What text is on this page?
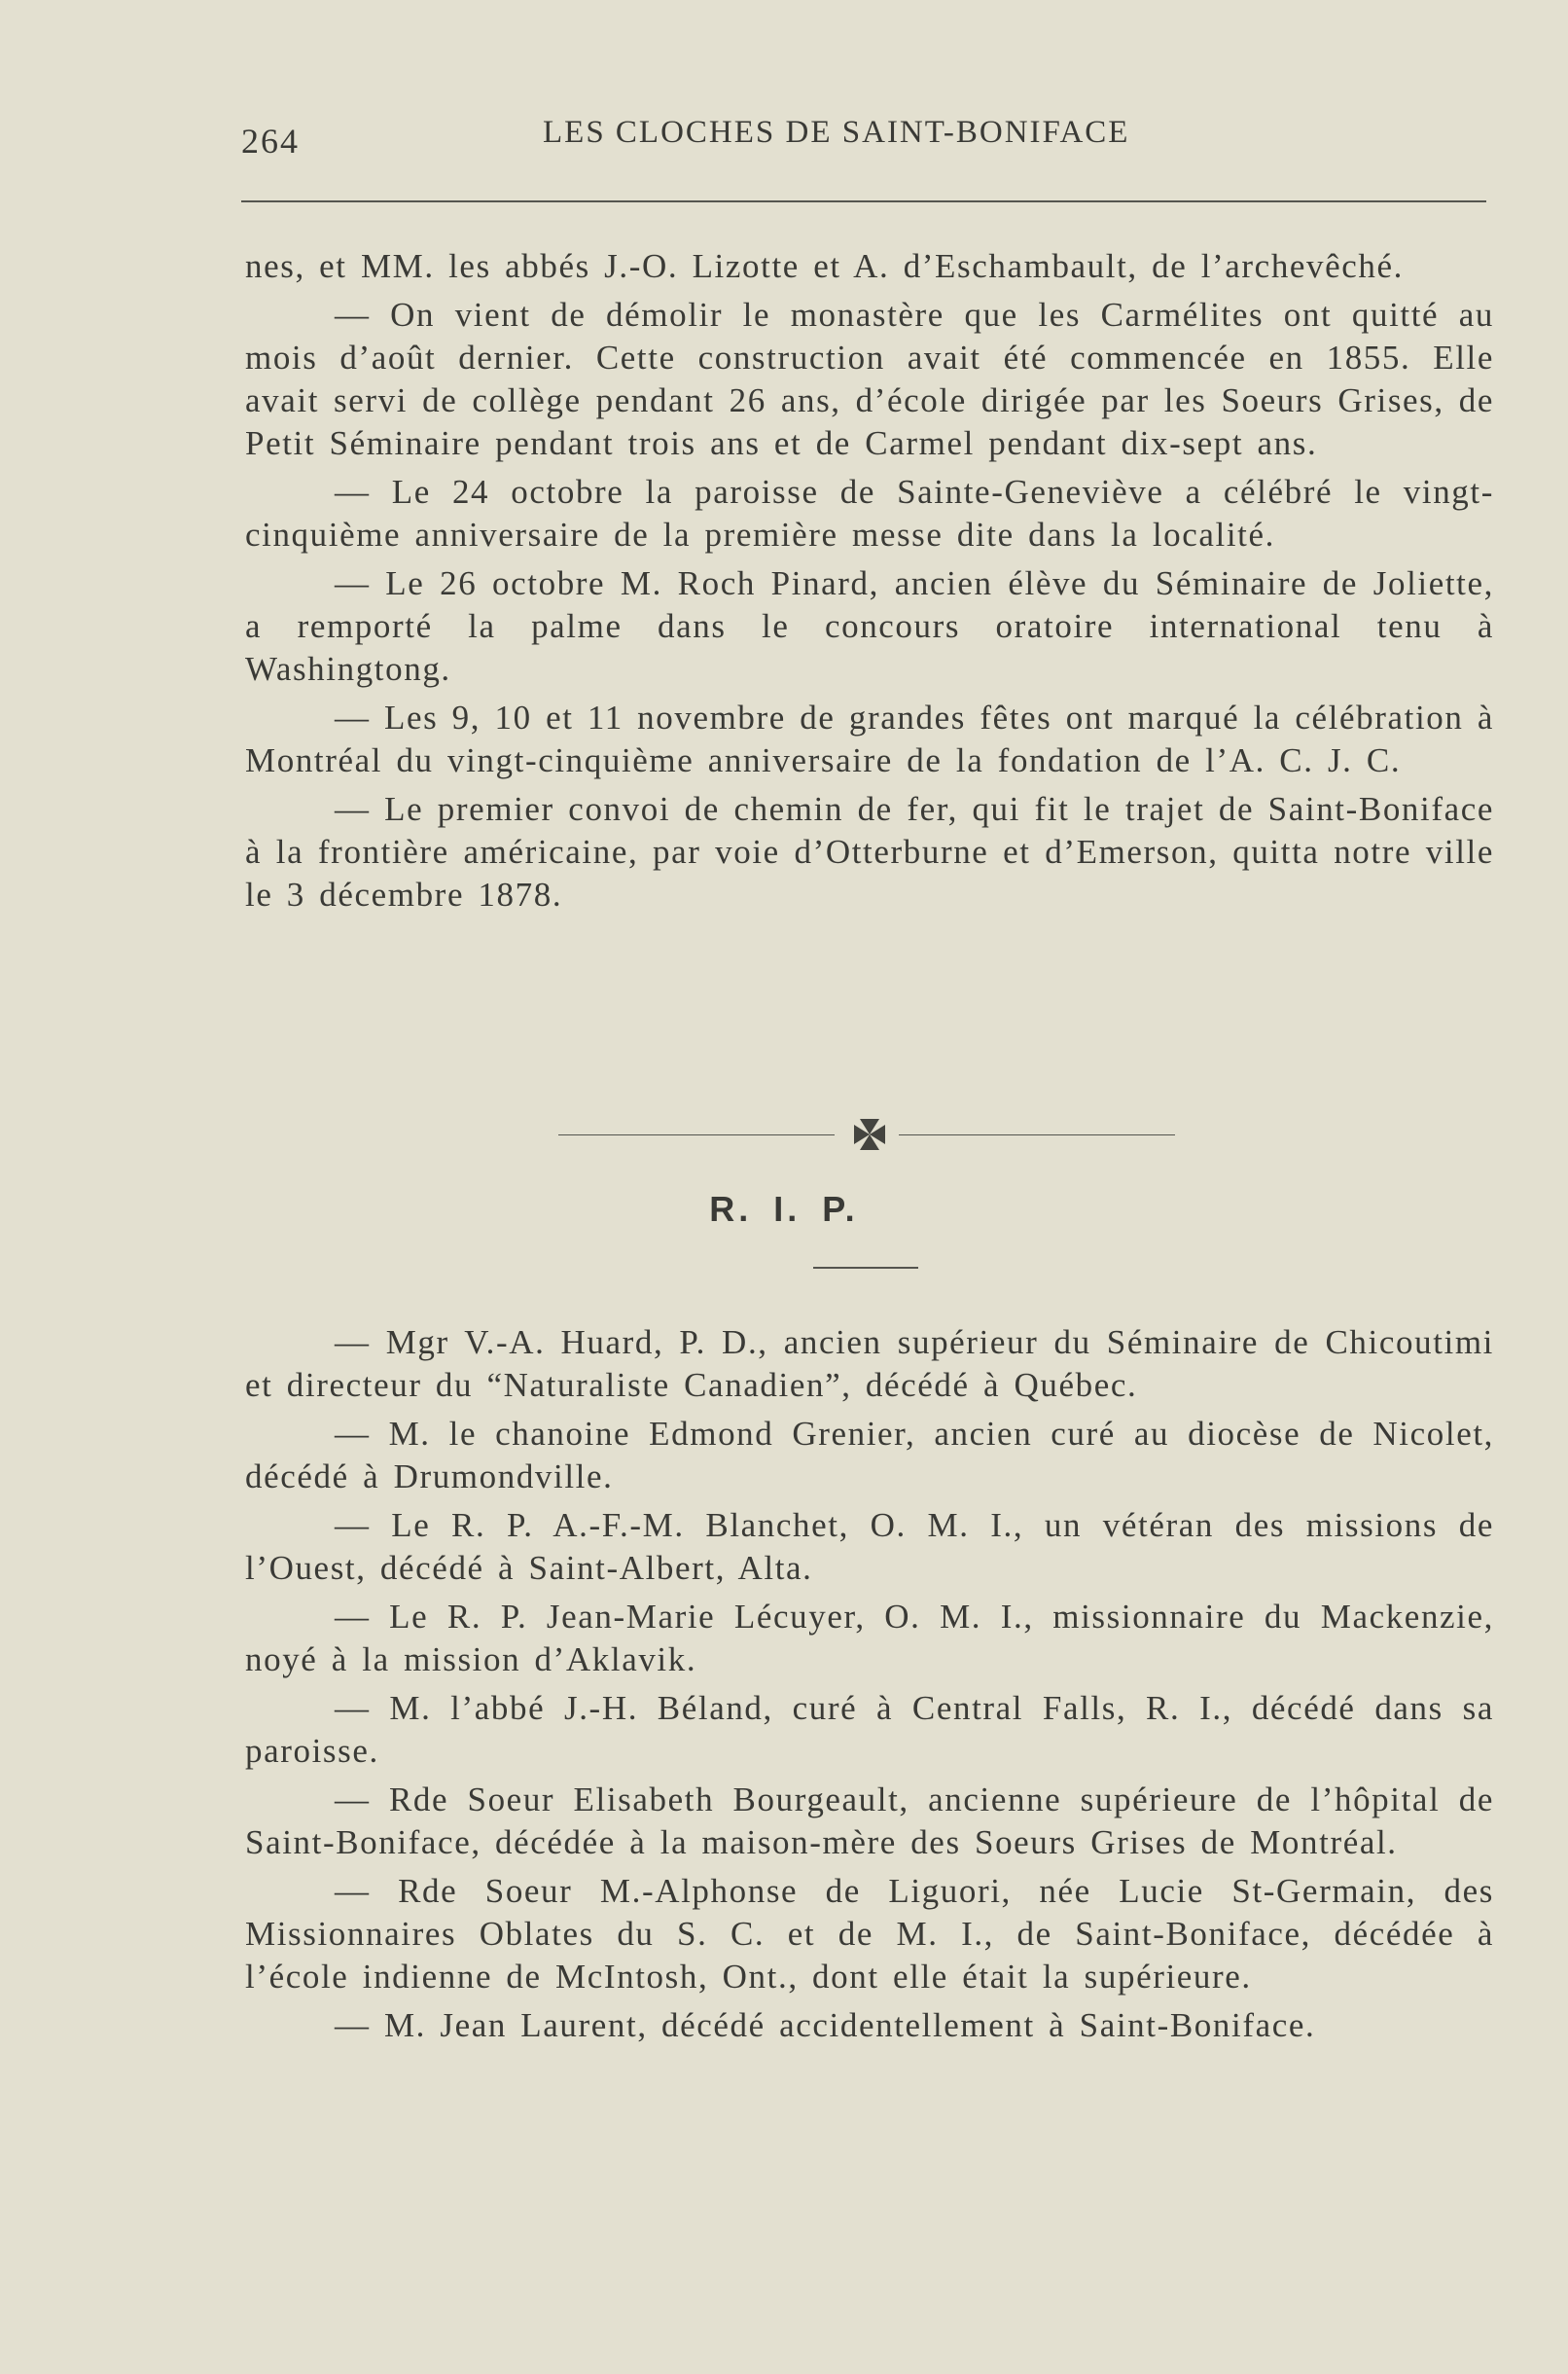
264	LES CLOCHES DE SAINT-BONIFACE

nes, et MM. les abbés J.-O. Lizotte et A. d’Eschambault, de l’archevêché.

— On vient de démolir le monastère que les Carmélites ont quitté au mois d’août dernier. Cette construction avait été commencée en 1855. Elle avait servi de collège pendant 26 ans, d’école dirigée par les Soeurs Grises, de Petit Séminaire pendant trois ans et de Carmel pendant dix-sept ans.

— Le 24 octobre la paroisse de Sainte-Geneviève a célébré le vingt-cinquième anniversaire de la première messe dite dans la localité.

— Le 26 octobre M. Roch Pinard, ancien élève du Séminaire de Joliette, a remporté la palme dans le concours oratoire international tenu à Washingtong.

— Les 9, 10 et 11 novembre de grandes fêtes ont marqué la célébration à Montréal du vingt-cinquième anniversaire de la fondation de l’A. C. J. C.

— Le premier convoi de chemin de fer, qui fit le trajet de Saint-Boniface à la frontière américaine, par voie d’Otterburne et d’Emerson, quitta notre ville le 3 décembre 1878.

R. I. P.

— Mgr V.-A. Huard, P. D., ancien supérieur du Séminaire de Chicoutimi et directeur du “Naturaliste Canadien”, décédé à Québec.

— M. le chanoine Edmond Grenier, ancien curé au diocèse de Nicolet, décédé à Drumondville.

— Le R. P. A.-F.-M. Blanchet, O. M. I., un vétéran des missions de l’Ouest, décédé à Saint-Albert, Alta.

— Le R. P. Jean-Marie Lécuyer, O. M. I., missionnaire du Mackenzie, noyé à la mission d’Aklavik.

— M. l’abbé J.-H. Béland, curé à Central Falls, R. I., décédé dans sa paroisse.

— Rde Soeur Elisabeth Bourgeault, ancienne supérieure de l’hôpital de Saint-Boniface, décédée à la maison-mère des Soeurs Grises de Montréal.

— Rde Soeur M.-Alphonse de Liguori, née Lucie St-Germain, des Missionnaires Oblates du S. C. et de M. I., de Saint-Boniface, décédée à l’école indienne de McIntosh, Ont., dont elle était la supérieure.

— M. Jean Laurent, décédé accidentellement à Saint-Boniface.
